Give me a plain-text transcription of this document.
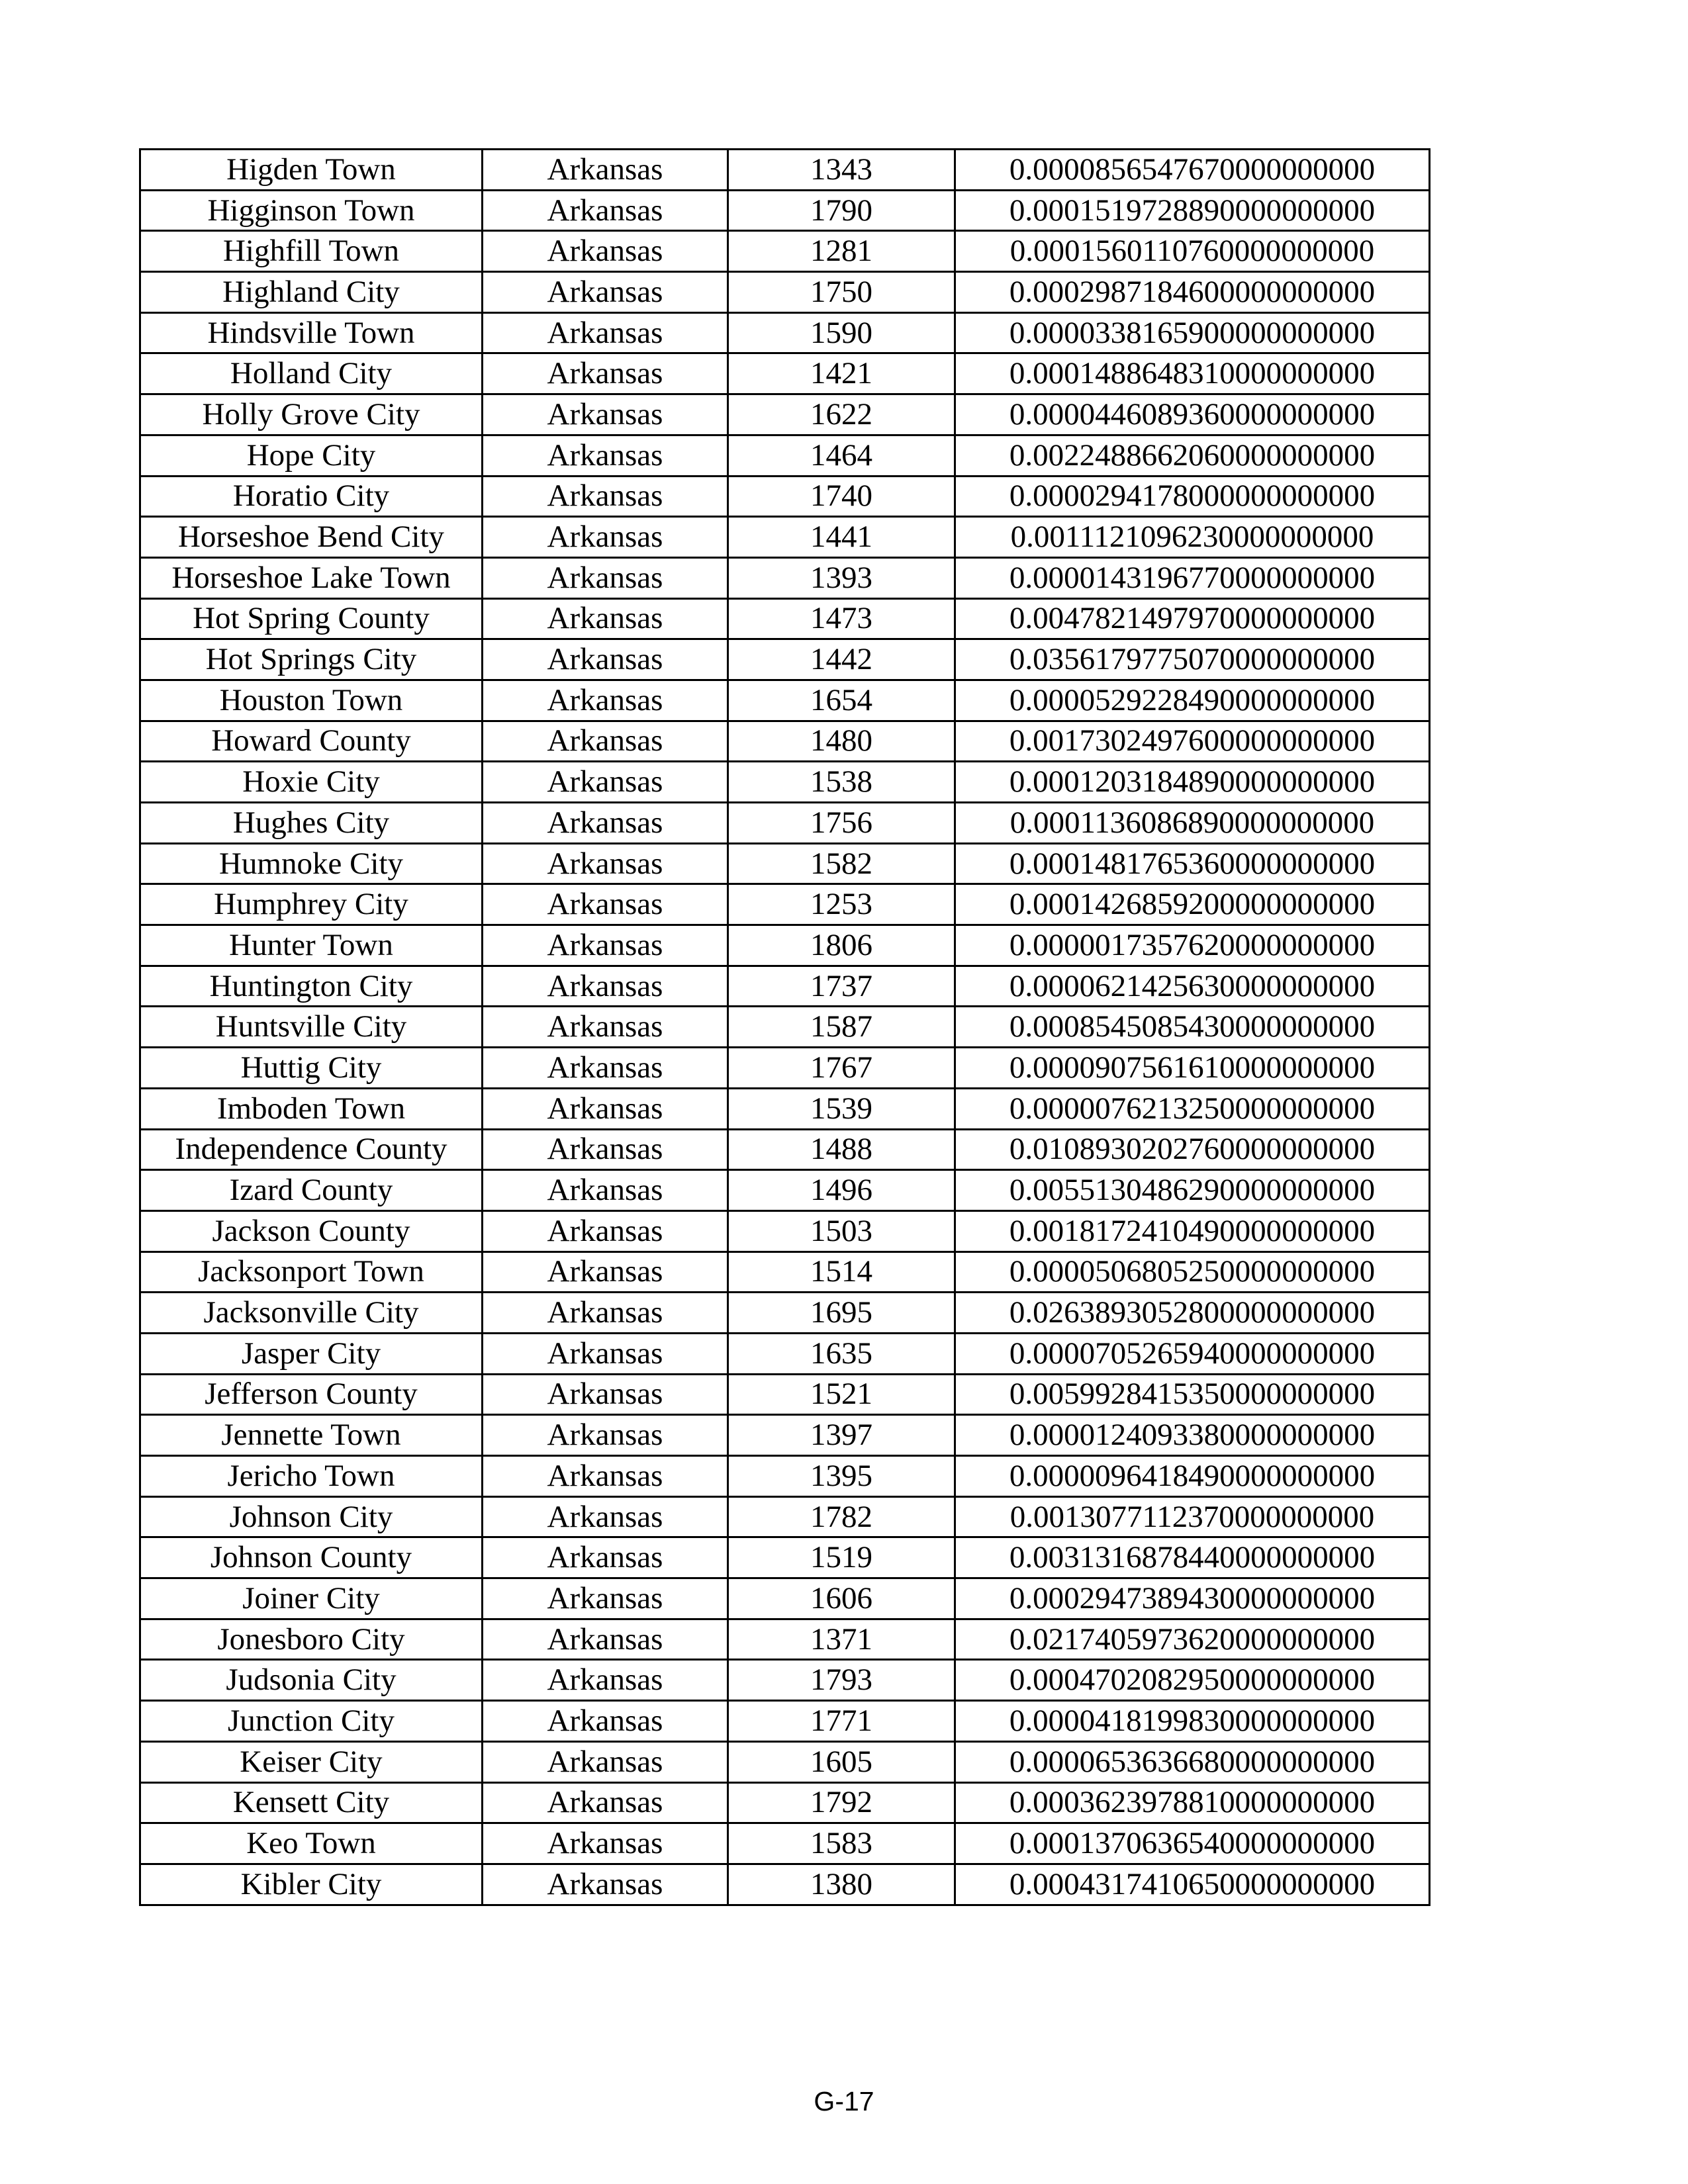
Higden Town	Arkansas	1343	0.0000856547670000000000
Higginson Town	Arkansas	1790	0.0001519728890000000000
Highfill Town	Arkansas	1281	0.0001560110760000000000
Highland City	Arkansas	1750	0.0002987184600000000000
Hindsville Town	Arkansas	1590	0.0000338165900000000000
Holland City	Arkansas	1421	0.0001488648310000000000
Holly Grove City	Arkansas	1622	0.0000446089360000000000
Hope City	Arkansas	1464	0.0022488662060000000000
Horatio City	Arkansas	1740	0.0000294178000000000000
Horseshoe Bend City	Arkansas	1441	0.0011121096230000000000
Horseshoe Lake Town	Arkansas	1393	0.0000143196770000000000
Hot Spring County	Arkansas	1473	0.0047821497970000000000
Hot Springs City	Arkansas	1442	0.0356179775070000000000
Houston Town	Arkansas	1654	0.0000529228490000000000
Howard County	Arkansas	1480	0.0017302497600000000000
Hoxie City	Arkansas	1538	0.0001203184890000000000
Hughes City	Arkansas	1756	0.0001136086890000000000
Humnoke City	Arkansas	1582	0.0001481765360000000000
Humphrey City	Arkansas	1253	0.0001426859200000000000
Hunter Town	Arkansas	1806	0.0000017357620000000000
Huntington City	Arkansas	1737	0.0000621425630000000000
Huntsville City	Arkansas	1587	0.0008545085430000000000
Huttig City	Arkansas	1767	0.0000907561610000000000
Imboden Town	Arkansas	1539	0.0000076213250000000000
Independence County	Arkansas	1488	0.0108930202760000000000
Izard County	Arkansas	1496	0.0055130486290000000000
Jackson County	Arkansas	1503	0.0018172410490000000000
Jacksonport Town	Arkansas	1514	0.0000506805250000000000
Jacksonville City	Arkansas	1695	0.0263893052800000000000
Jasper City	Arkansas	1635	0.0000705265940000000000
Jefferson County	Arkansas	1521	0.0059928415350000000000
Jennette Town	Arkansas	1397	0.0000124093380000000000
Jericho Town	Arkansas	1395	0.0000096418490000000000
Johnson City	Arkansas	1782	0.0013077112370000000000
Johnson County	Arkansas	1519	0.0031316878440000000000
Joiner City	Arkansas	1606	0.0002947389430000000000
Jonesboro City	Arkansas	1371	0.0217405973620000000000
Judsonia City	Arkansas	1793	0.0004702082950000000000
Junction City	Arkansas	1771	0.0000418199830000000000
Keiser City	Arkansas	1605	0.0000653636680000000000
Kensett City	Arkansas	1792	0.0003623978810000000000
Keo Town	Arkansas	1583	0.0001370636540000000000
Kibler City	Arkansas	1380	0.0004317410650000000000
G-17
